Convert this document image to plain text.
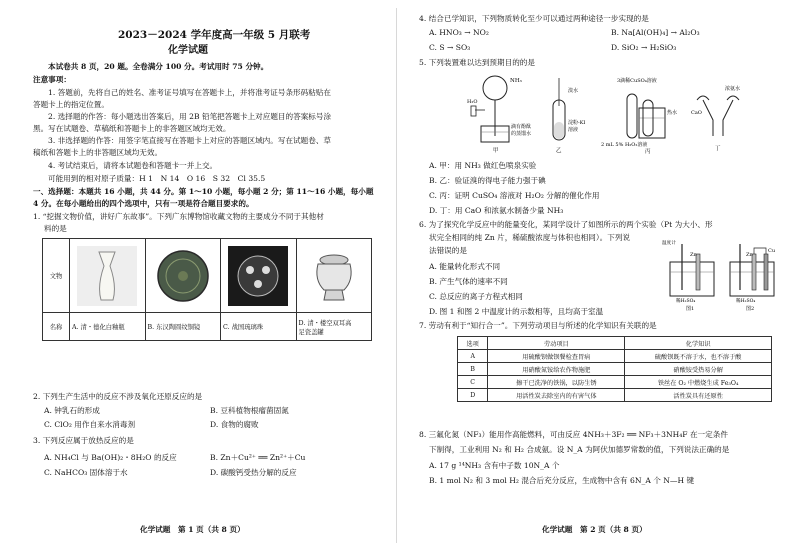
2023－2024 学年度高一年级 5 月联考
化学试题
本试卷共 8 页，20 题。全卷满分 100 分。考试用时 75 分钟。
注意事项：
1. 答题前，先将自己的姓名、准考证号填写在答题卡上，并将准考证号条形码粘贴在
答题卡上的指定位置。
2. 选择题的作答：每小题选出答案后，用 2B 铅笔把答题卡上对应题目的答案标号涂
黑。写在试题卷、草稿纸和答题卡上的非答题区域均无效。
3. 非选择题的作答：用签字笔直接写在答题卡上对应的答题区域内。写在试题卷、草
稿纸和答题卡上的非答题区域均无效。
4. 考试结束后，请将本试题卷和答题卡一并上交。
可能用到的相对原子质量：H 1　N 14　O 16　S 32　Cl 35.5
一、选择题：本题共 16 小题，共 44 分。第 1～10 小题，每小题 2 分；第 11～16 小题，每小题
4 分。在每小题给出的四个选项中，只有一项是符合题目要求的。
1. “挖掘文物价值，讲好广东故事”。下列广东博物馆收藏文物的主要成分不同于其他材
料的是
文物	

名称	A. 清・德化白釉瓶	B. 东汉陶圆纹铜镜	C. 战国琉璃珠	D. 清・楼空双耳高
足瓷盖罐
2. 下列生产生活中的反应不涉及氧化还原反应的是
A. 钟乳石的形成	B. 豆科植物根瘤菌固氮
C. ClO₂ 用作自来水消毒剂	D. 食物的腐败
3. 下列反应属于放热反应的是
A. NH₄Cl 与 Ba(OH)₂・8H₂O 的反应	B. Zn＋Cu²⁺ ══ Zn²⁺＋Cu
C. NaHCO₃ 固体溶于水	D. 碳酸钙受热分解的反应
化学试题　第 1 页（共 8 页）
4. 结合已学知识，下列物质转化至少可以通过两种途径一步实现的是
A. HNO₃ → NO₂	B. Na[Al(OH)₄] → Al₂O₃
C. S → SO₃	D. SiO₂ → H₂SiO₃
5. 下列装置难以达到预期目的的是
NH₃
H₂O
滴有酚酞
的蒸馏水
甲
溴水
淀粉-KI
溶液
乙
3滴稀CuSO₄溶液
热水
2 mL 5% H₂O₂溶液
丙
CaO
浓氨水
丁
A. 甲：用 NH₃ 做红色喷泉实验
B. 乙：验证溴的得电子能力强于碘
C. 丙：证明 CuSO₄ 溶液对 H₂O₂ 分解的催化作用
D. 丁：用 CaO 和浓氨水制备少量 NH₃
6. 为了探究化学反应中的能量变化，某同学设计了如图所示的两个实验（Pt 为大小、形
状完全相同的纯 Zn 片，稀硫酸浓度与体积也相同）。下列说
法错误的是
A. 能量转化形式不同
B. 产生气体的速率不同
C. 总反应的离子方程式相同
D. 图 1 和图 2 中温度计的示数相等，且均高于室温
温度计
Zn	Zn
Cu
稀H₂SO₄	稀H₂SO₄
图1	图2
7. 劳动有利于“知行合一”。下列劳动项目与所述的化学知识有关联的是
选项	劳动项目	化学知识
A	用硫酸钡做钡餐检查胃病	硫酸钡既不溶于水，也不溶于酸
B	用硝酸氮铵给农作物施肥	硝酸铵受热易分解
C	擦干已洗净的铁锅，以防生锈	铁丝在 O₂ 中燃烧生成 Fe₃O₄
D	用活性炭去除室内的有害气体	活性炭具有还原性
8. 三氟化氮（NF₃）能用作高能燃料，可由反应 4NH₃＋3F₂ ══ NF₃＋3NH₄F 在一定条件
下制得，工业利用 N₂ 和 H₂ 合成氨。设 N_A 为阿伏加德罗常数的值，下列说法正确的是
A. 17 g ¹⁴NH₃ 含有中子数 10N_A 个
B. 1 mol N₂ 和 3 mol H₂ 混合后充分反应，生成物中含有 6N_A 个 N—H 键
化学试题　第 2 页（共 8 页）
